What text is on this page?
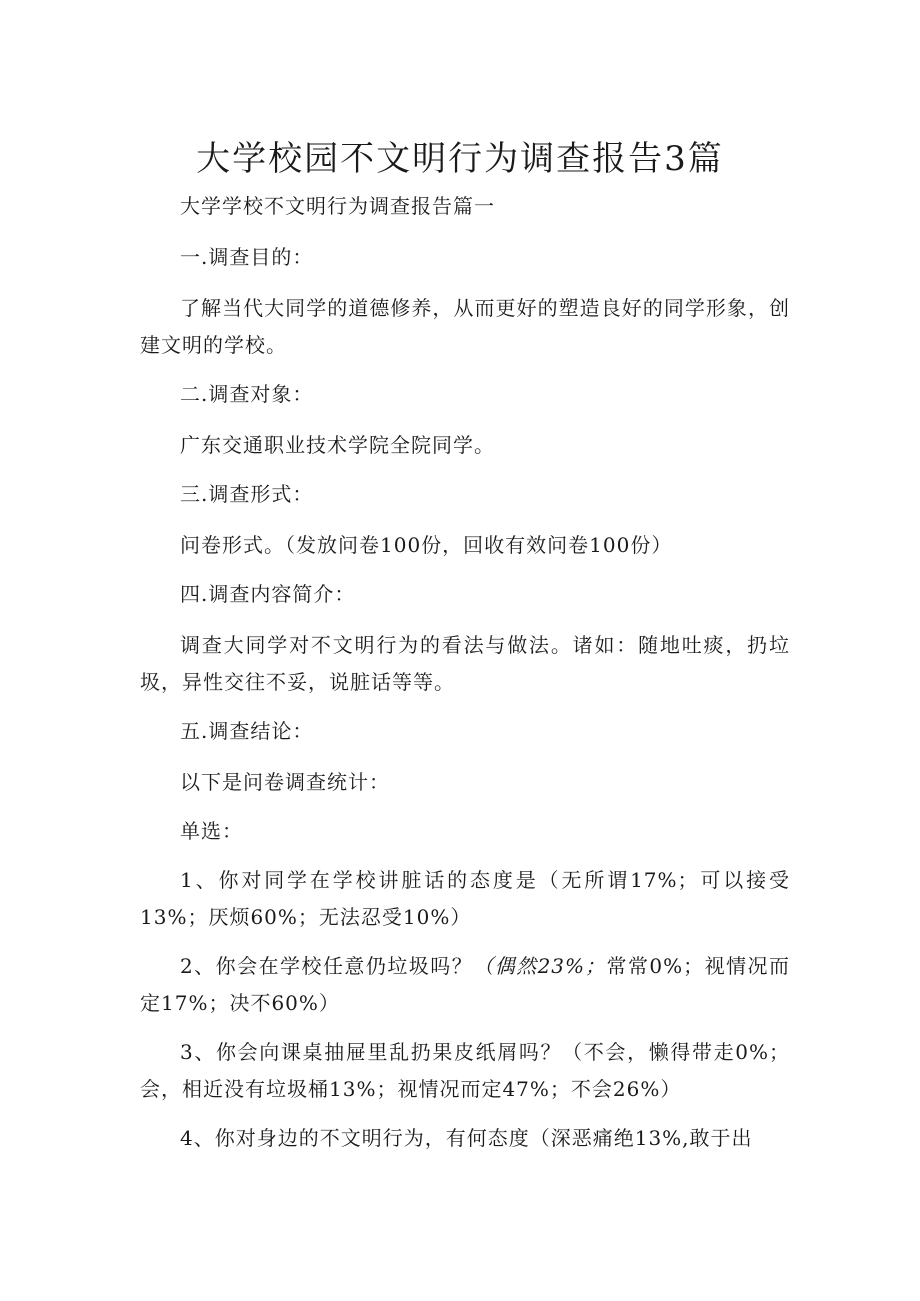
大学校园不文明行为调查报告3篇

大学学校不文明行为调查报告篇一

一.调查目的：

了解当代大同学的道德修养，从而更好的塑造良好的同学形象，创建文明的学校。

二.调查对象：

广东交通职业技术学院全院同学。

三.调查形式：

问卷形式。（发放问卷100份，回收有效问卷100份）

四.调查内容简介：

调查大同学对不文明行为的看法与做法。诸如：随地吐痰，扔垃圾，异性交往不妥，说脏话等等。

五.调查结论：

以下是问卷调查统计：

单选：

1、你对同学在学校讲脏话的态度是（无所谓17%；可以接受13%；厌烦60%；无法忍受10%）

2、你会在学校任意仍垃圾吗？（偶然23%；常常0%；视情况而定17%；决不60%）

3、你会向课桌抽屉里乱扔果皮纸屑吗？（不会，懒得带走0%；会，相近没有垃圾桶13%；视情况而定47%；不会26%）

4、你对身边的不文明行为，有何态度（深恶痛绝13%,敢于出
